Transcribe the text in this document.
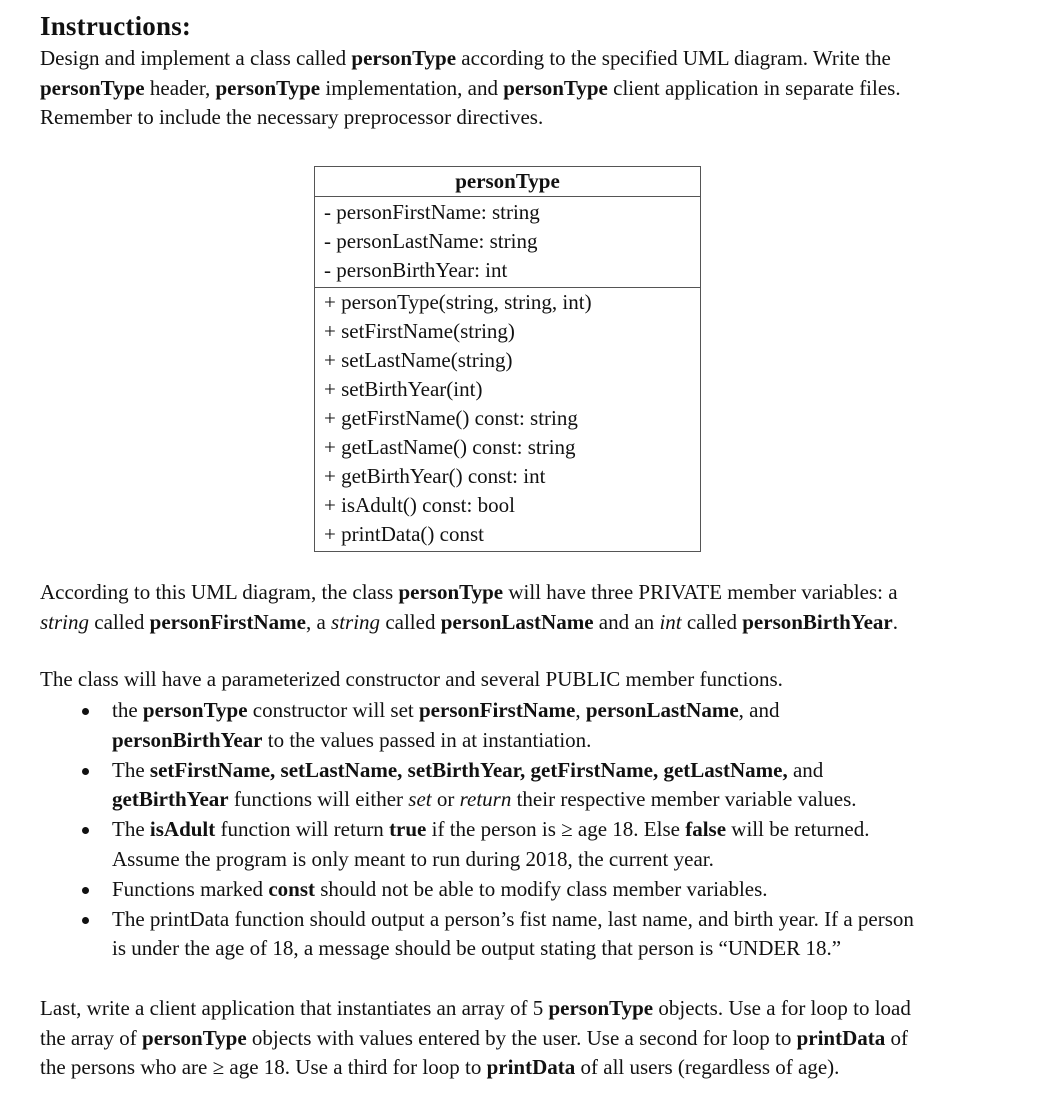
Instructions:
Design and implement a class called personType according to the specified UML diagram. Write the
personType header, personType implementation, and personType client application in separate files.
Remember to include the necessary preprocessor directives.
personType
- personFirstName: string
- personLastName: string
- personBirthYear: int
+ personType(string, string, int)
+ setFirstName(string)
+ setLastName(string)
+ setBirthYear(int)
+ getFirstName() const: string
+ getLastName() const: string
+ getBirthYear() const: int
+ isAdult() const: bool
+ printData() const
According to this UML diagram, the class personType will have three PRIVATE member variables: a
string called personFirstName, a string called personLastName and an int called personBirthYear.
The class will have a parameterized constructor and several PUBLIC member functions.
the personType constructor will set personFirstName, personLastName, and
personBirthYear to the values passed in at instantiation.
The setFirstName, setLastName, setBirthYear, getFirstName, getLastName, and
getBirthYear functions will either set or return their respective member variable values.
The isAdult function will return true if the person is ≥ age 18. Else false will be returned.
Assume the program is only meant to run during 2018, the current year.
Functions marked const should not be able to modify class member variables.
The printData function should output a person’s fist name, last name, and birth year. If a person
is under the age of 18, a message should be output stating that person is “UNDER 18.”
Last, write a client application that instantiates an array of 5 personType objects. Use a for loop to load
the array of personType objects with values entered by the user. Use a second for loop to printData of
the persons who are ≥ age 18. Use a third for loop to printData of all users (regardless of age).
